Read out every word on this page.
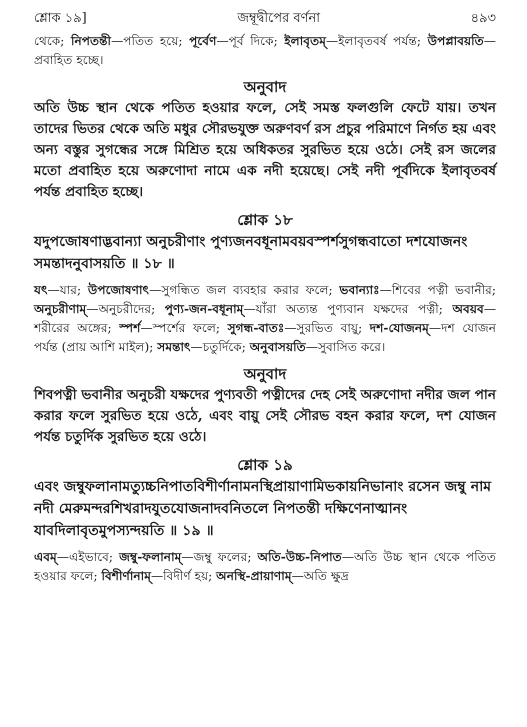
শ্লোক ১৯]	জম্বূদ্বীপের বর্ণনা	৪৯৩

থেকে; নিপতন্তী—পতিত হয়ে; পূর্বেণ—পূর্ব দিকে; ইলাবৃতম্—ইলাবৃতবর্ষ পর্যন্ত; উপপ্লাবয়তি—প্রবাহিত হচ্ছে।

অনুবাদ

অতি উচ্চ স্থান থেকে পতিত হওয়ার ফলে, সেই সমস্ত ফলগুলি ফেটে যায়। তখন তাদের ভিতর থেকে অতি মধুর সৌরভযুক্ত অরুণবর্ণ রস প্রচুর পরিমাণে নির্গত হয় এবং অন্য বস্তুর সুগন্ধের সঙ্গে মিশ্রিত হয়ে অধিকতর সুরভিত হয়ে ওঠে। সেই রস জলের মতো প্রবাহিত হয়ে অরুণোদা নামে এক নদী হয়েছে। সেই নদী পূর্বদিকে ইলাবৃতবর্ষ পর্যন্ত প্রবাহিত হচ্ছে।

শ্লোক ১৮

যদুপজোষণাদ্ভবান্যা অনুচরীণাং পুণ্যজনবধূনামবয়বস্পর্শসুগন্ধবাতো দশযোজনং সমন্তাদনুবাসয়তি ॥ ১৮ ॥

যৎ—যার; উপজোষণাৎ—সুগন্ধিত জল ব্যবহার করার ফলে; ভবান্যাঃ—শিবের পত্নী ভবানীর; অনুচরীণাম্—অনুচরীদের; পুণ্য-জন-বধূনাম্—যাঁরা অত্যন্ত পুণ্যবান যক্ষদের পত্নী; অবয়ব—শরীরের অঙ্গের; স্পর্শ—স্পর্শের ফলে; সুগন্ধ-বাতঃ—সুরভিত বায়ু; দশ-যোজনম্—দশ যোজন পর্যন্ত (প্রায় আশি মাইল); সমন্তাৎ—চতুর্দিকে; অনুবাসয়তি—সুবাসিত করে।

অনুবাদ

শিবপত্নী ভবানীর অনুচরী যক্ষদের পুণ্যবতী পত্নীদের দেহ সেই অরুণোদা নদীর জল পান করার ফলে সুরভিত হয়ে ওঠে, এবং বায়ু সেই সৌরভ বহন করার ফলে, দশ যোজন পর্যন্ত চতুর্দিক সুরভিত হয়ে ওঠে।

শ্লোক ১৯

এবং জম্বুফলানামত্যুচ্চনিপাতবিশীর্ণানামনস্থিপ্রায়াণামিভকায়নিভানাং রসেন জম্বু নাম নদী মেরুমন্দরশিখরাদযুতযোজনাদবনিতলে নিপতন্তী দক্ষিণেনাত্মানং যাবদিলাবৃতমুপস্যন্দয়তি ॥ ১৯ ॥

এবম্—এইভাবে; জম্বু-ফলানাম্—জম্বু ফলের; অতি-উচ্চ-নিপাত—অতি উচ্চ স্থান থেকে পতিত হওয়ার ফলে; বিশীর্ণানাম্—বিদীর্ণ হয়; অনস্থি-প্রায়াণাম্—অতি ক্ষুদ্র
